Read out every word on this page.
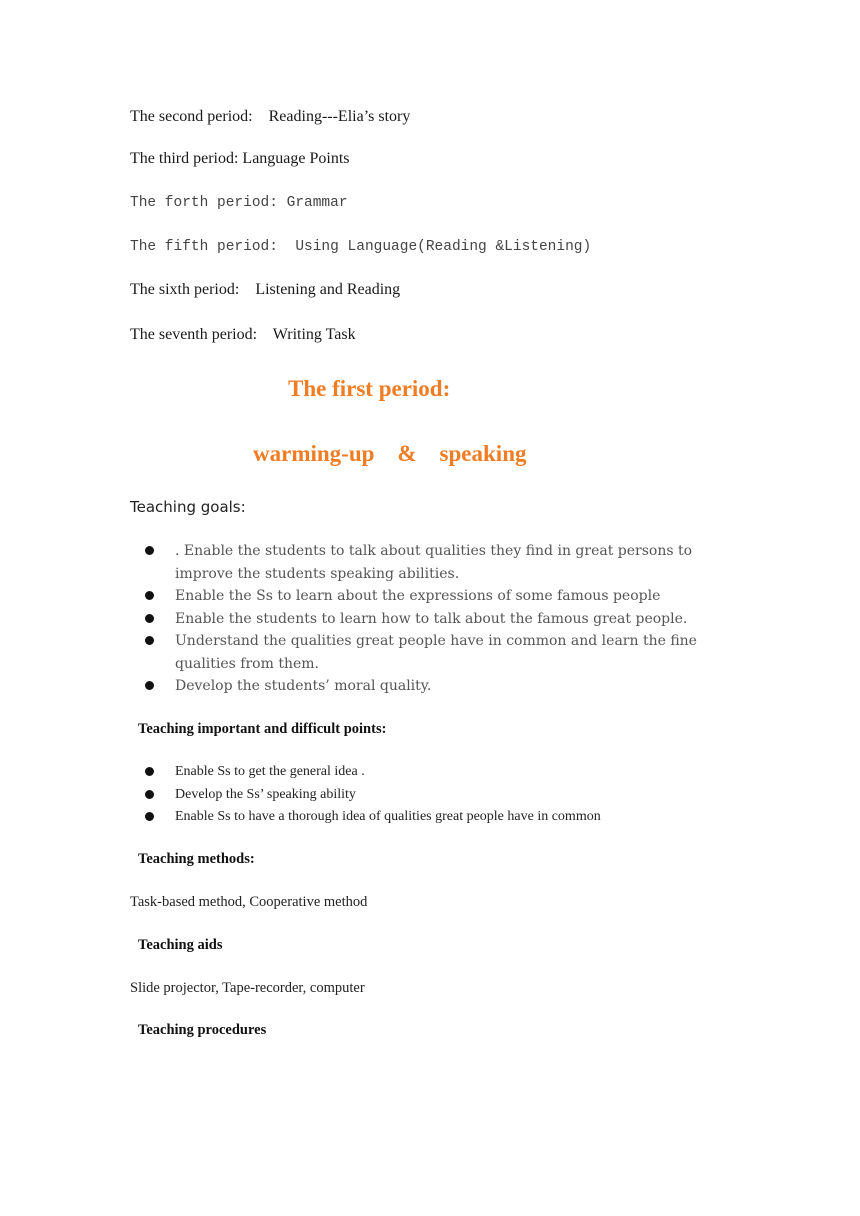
The second period:    Reading---Elia’s story
The third period: Language Points
The forth period: Grammar
The fifth period:  Using Language(Reading &Listening)
The sixth period:    Listening and Reading
The seventh period:    Writing Task
The first period:
warming-up    &    speaking
Teaching goals:
. Enable the students to talk about qualities they find in great persons to improve the students speaking abilities.
Enable the Ss to learn about the expressions of some famous people
Enable the students to learn how to talk about the famous great people.
Understand the qualities great people have in common and learn the fine qualities from them.
Develop the students’ moral quality.
Teaching important and difficult points:
Enable Ss to get the general idea .
Develop the Ss’ speaking ability
Enable Ss to have a thorough idea of qualities great people have in common
Teaching methods:
Task-based method, Cooperative method
Teaching aids
Slide projector, Tape-recorder, computer
Teaching procedures
